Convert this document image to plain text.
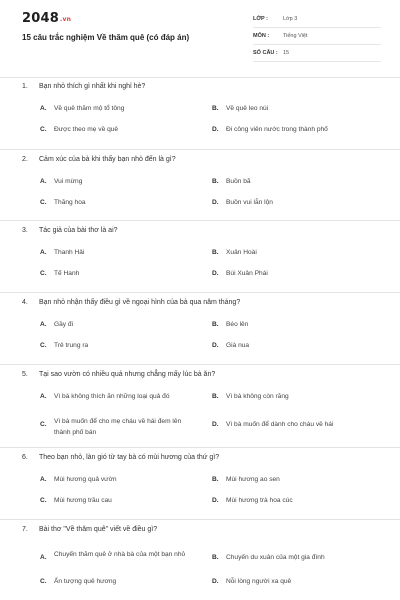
2048.vn
15 câu trắc nghiệm Về thăm quê (có đáp án)
LỚP :	Lớp 3
MÔN :	Tiếng Việt
SỐ CÂU : 15
1. Bạn nhỏ thích gì nhất khi nghỉ hè?
A. Về quê thăm mộ tổ tông	B. Về quê leo núi
C. Được theo mẹ về quê	D. Đi công viên nước trong thành phố
2. Cảm xúc của bà khi thấy bạn nhỏ đến là gì?
A. Vui mừng	B. Buồn bã
C. Thăng hoa	D. Buồn vui lẫn lộn
3. Tác giả của bài thơ là ai?
A. Thanh Hải	B. Xuân Hoài
C. Tế Hanh	D. Bùi Xuân Phái
4. Bạn nhỏ nhận thấy điều gì về ngoại hình của bà qua năm tháng?
A. Gầy đi	B. Béo lên
C. Trẻ trung ra	D. Già nua
5. Tại sao vườn có nhiều quả nhưng chẳng mấy lúc bà ăn?
A. Vì bà không thích ăn những loại quả đó	B. Vì bà không còn răng
C. Vì bà muốn để cho mẹ cháu về hái đem lên thành phố bán
D. Vì bà muốn để dành cho cháu về hái
6. Theo bạn nhỏ, làn gió từ tay bà có mùi hương của thứ gì?
A. Mùi hương quả vườn	B. Mùi hương ao sen
C. Mùi hương trầu cau	D. Mùi hương trà hoa cúc
7. Bài thơ "Về thăm quê" viết về điều gì?
A. Chuyến thăm quê ở nhà bà của một bạn nhỏ	B. Chuyến du xuân của một gia đình
C. Ấn tượng quê hương	D. Nỗi lòng người xa quê
